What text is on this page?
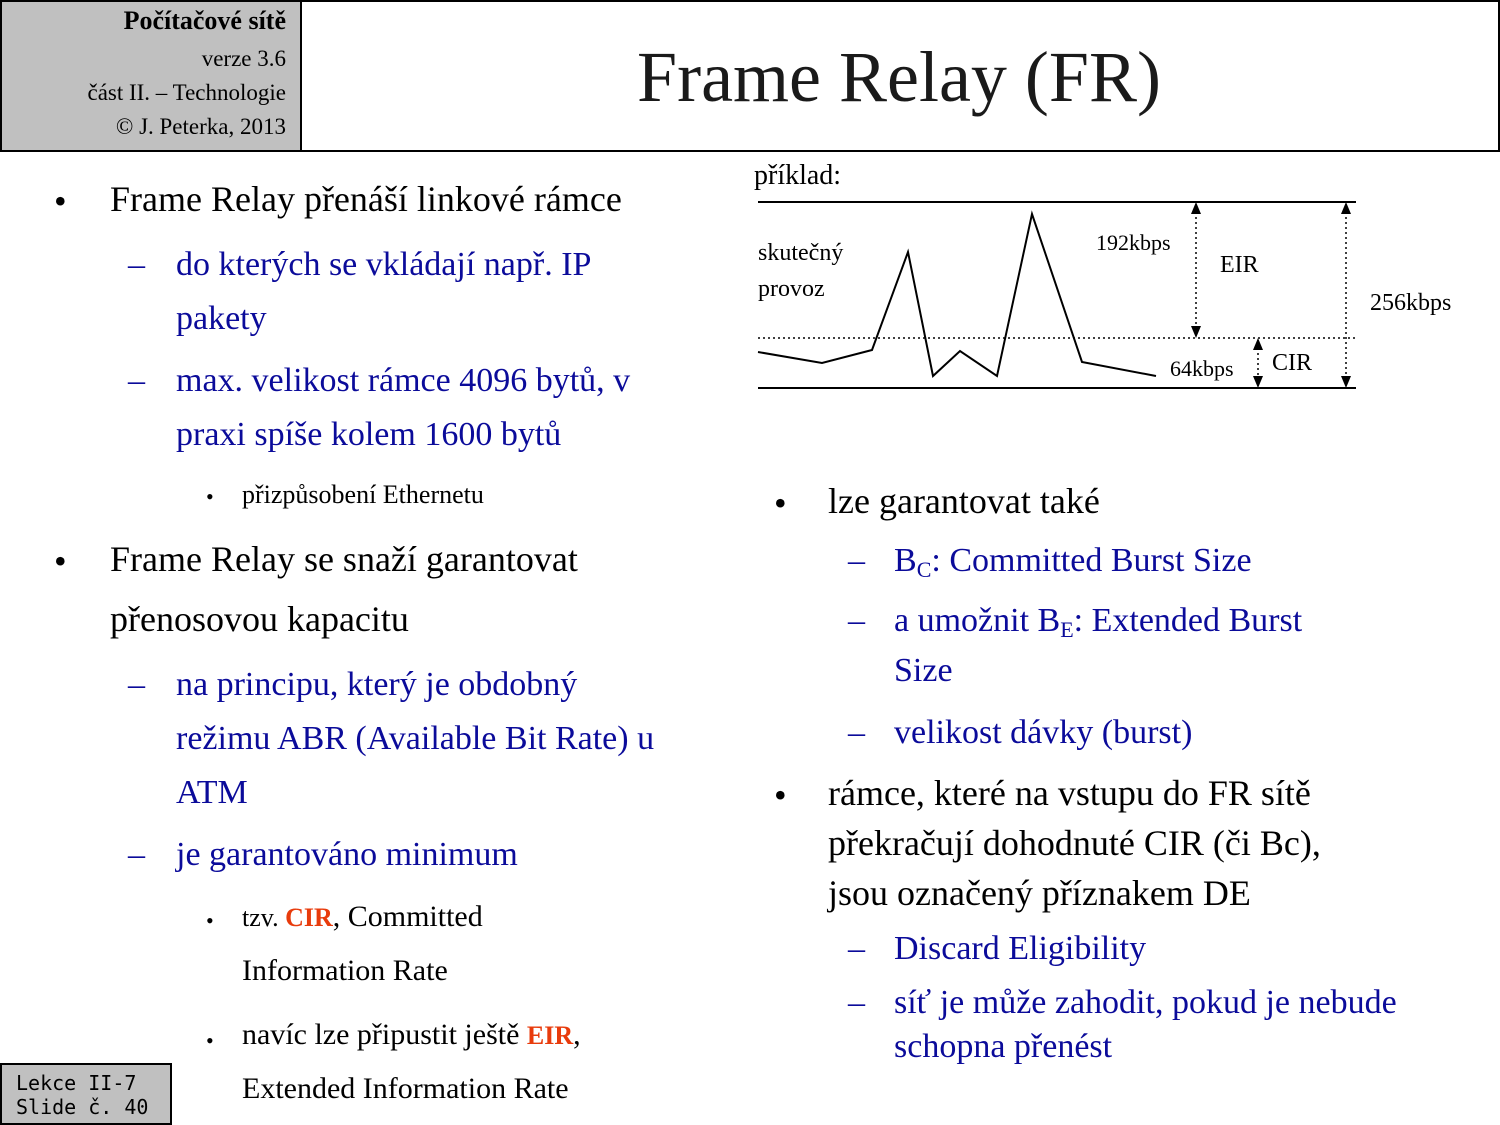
Počítačové sítě
verze 3.6
část II. – Technologie
© J. Peterka, 2013
Frame Relay (FR)
• Frame Relay přenáší linkové rámce
– do kterých se vkládají např. IP
pakety
– max. velikost rámce 4096 bytů, v
praxi spíše kolem 1600 bytů
• přizpůsobení Ethernetu
• Frame Relay se snaží garantovat
přenosovou kapacitu
– na principu, který je obdobný
režimu ABR (Available Bit Rate) u
ATM
– je garantováno minimum
• tzv. CIR, Committed
Information Rate
• navíc lze připustit ještě EIR,
Extended Information Rate
příklad:
skutečný
provoz
192kbps
EIR
256kbps
64kbps CIR
• lze garantovat také
– $B_C$: Committed Burst Size
– a umožnit $B_E$: Extended Burst
Size
– velikost dávky (burst)
• rámce, které na vstupu do FR sítě
překračují dohodnuté CIR (či Bc),
jsou označený příznakem DE
– Discard Eligibility
– síť je může zahodit, pokud je nebude
schopna přenést
Lekce II-7
Slide č. 40
